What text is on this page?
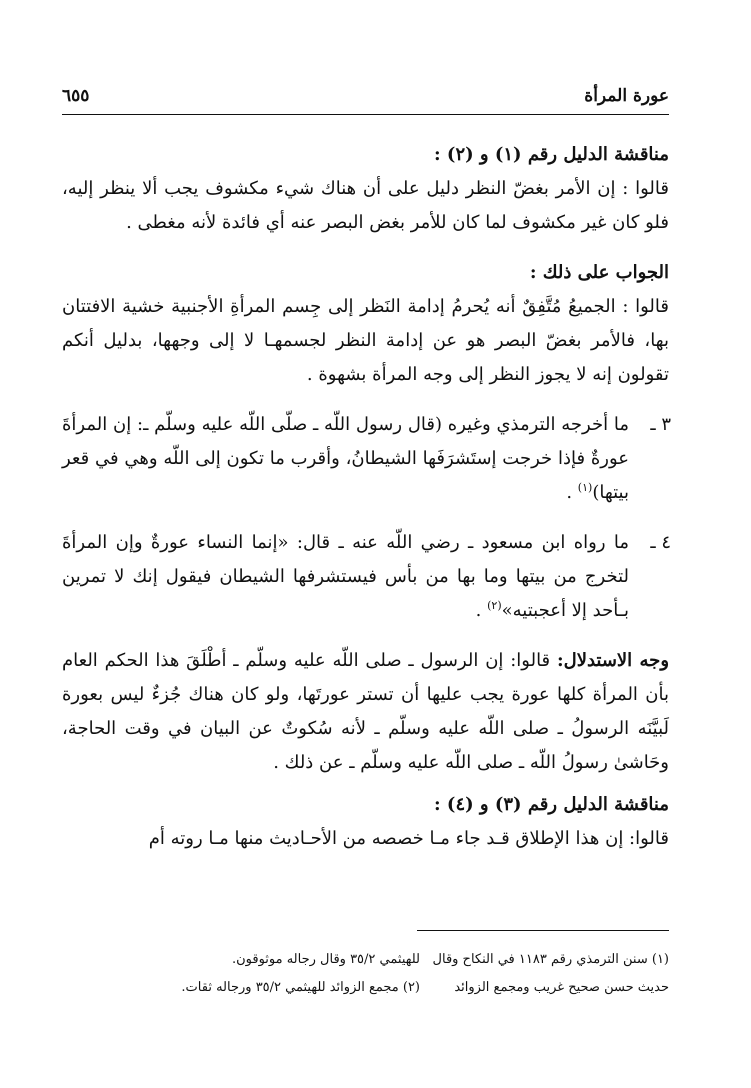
عورة المرأة
٦٥٥

مناقشة الدليل رقم (١) و (٢) :

قالوا : إن الأمر بغضّ النظر دليل على أن هناك شيء مكشوف يجب ألا ينظر إليه، فلو كان غير مكشوف لما كان للأمر بغض البصر عنه أي فائدة لأنه مغطى .

الجواب على ذلك :

قالوا : الجميعُ مُتَّفِقٌ أنه يُحرمُ إدامة النَظر إلى جِسم المرأةِ الأجنبية خشية الافتتان بها، فالأمر بغضّ البصر هو عن إدامة النظر لجسمهـا لا إلى وجهها، بدليل أنكم تقولون إنه لا يجوز النظر إلى وجه المرأة بشهوة .

٣ ـ

ما أخرجه الترمذي وغيره (قال رسول اللّه ـ صلّى اللّه عليه وسلّم ـ: إن المرأةَ عورةٌ فإذا خرجت إستَشرَفَها الشيطانُ، وأقرب ما تكون إلى اللّه وهي في قعر بيتها)$^{(١)}$ .

٤ ـ

ما رواه ابن مسعود ـ رضي اللّه عنه ـ قال: «إنما النساء عورةٌ وإن المرأةَ لتخرج من بيتها وما بها من بأس فيستشرفها الشيطان فيقول إنك لا تمرين بـأحد إلا أعجبتيه»$^{(٢)}$ .

وجه الاستدلال: قالوا: إن الرسول ـ صلى اللّه عليه وسلّم ـ أطْلَقَ هذا الحكم العام بأن المرأة كلها عورة يجب عليها أن تستر عورتَها، ولو كان هناك جُزءٌ ليس بعورة لَبيَّنَه الرسولُ ـ صلى اللّه عليه وسلّم ـ لأنه سُكوتٌ عن البيان في وقت الحاجة، وحَاشىٰ رسولُ اللّه ـ صلى اللّه عليه وسلّم ـ عن ذلك .

مناقشة الدليل رقم (٣) و (٤) :

قالوا: إن هذا الإطلاق قـد جاء مـا خصصه من الأحـاديث منها مـا روته أم

(١) سنن الترمذي رقم ١١٨٣ في النكاح وقال
حديث حسن صحيح غريب ومجمع الزوائد
للهيثمي ٣٥/٢ وقال رجاله موثوقون.
(٢) مجمع الزوائد للهيثمي ٣٥/٢ ورجاله ثقات.
